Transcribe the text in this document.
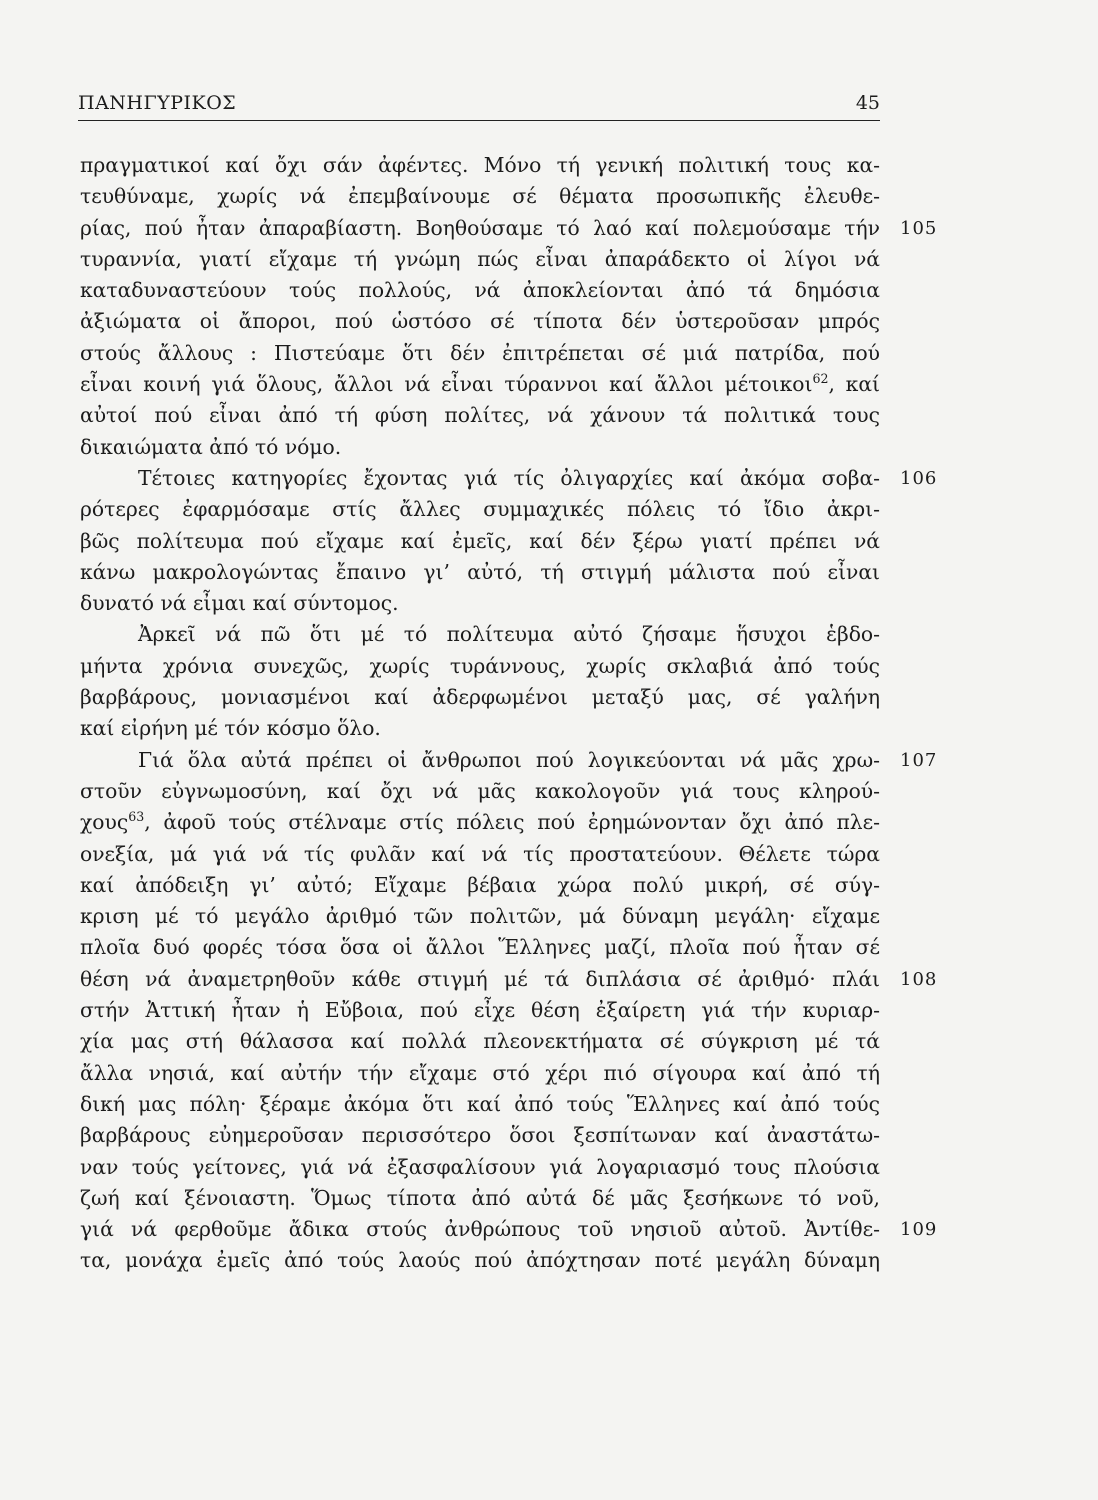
ΠΑΝΗΓΥΡΙΚΟΣ	45
πραγματικοί καί ὄχι σάν ἀφέντες. Μόνο τή γενική πολιτική τους κα-
τευθύναμε, χωρίς νά ἐπεμβαίνουμε σέ θέματα προσωπικῆς ἐλευθε-
ρίας, πού ἦταν ἀπαραβίαστη. Βοηθούσαμε τό λαό καί πολεμούσαμε τήν 105
τυραννία, γιατί εἴχαμε τή γνώμη πώς εἶναι ἀπαράδεκτο οἱ λίγοι νά
καταδυναστεύουν τούς πολλούς, νά ἀποκλείονται ἀπό τά δημόσια
ἀξιώματα οἱ ἄποροι, πού ὡστόσο σέ τίποτα δέν ὑστεροῦσαν μπρός
στούς ἄλλους : Πιστεύαμε ὅτι δέν ἐπιτρέπεται σέ μιά πατρίδα, πού
εἶναι κοινή γιά ὅλους, ἄλλοι νά εἶναι τύραννοι καί ἄλλοι μέτοικοι$^{62}$, καί
αὐτοί πού εἶναι ἀπό τή φύση πολίτες, νά χάνουν τά πολιτικά τους
δικαιώματα ἀπό τό νόμο.
Τέτοιες κατηγορίες ἔχοντας γιά τίς ὀλιγαρχίες καί ἀκόμα σοβα- 106
ρότερες ἐφαρμόσαμε στίς ἄλλες συμμαχικές πόλεις τό ἴδιο ἀκρι-
βῶς πολίτευμα πού εἴχαμε καί ἐμεῖς, καί δέν ξέρω γιατί πρέπει νά
κάνω μακρολογώντας ἔπαινο γι’ αὐτό, τή στιγμή μάλιστα πού εἶναι
δυνατό νά εἶμαι καί σύντομος.
Ἀρκεῖ νά πῶ ὅτι μέ τό πολίτευμα αὐτό ζήσαμε ἥσυχοι ἑβδο-
μήντα χρόνια συνεχῶς, χωρίς τυράννους, χωρίς σκλαβιά ἀπό τούς
βαρβάρους, μονιασμένοι καί ἀδερφωμένοι μεταξύ μας, σέ γαλήνη
καί εἰρήνη μέ τόν κόσμο ὅλο.
Γιά ὅλα αὐτά πρέπει οἱ ἄνθρωποι πού λογικεύονται νά μᾶς χρω- 107
στοῦν εὐγνωμοσύνη, καί ὄχι νά μᾶς κακολογοῦν γιά τους κληρού-
χους$^{63}$, ἀφοῦ τούς στέλναμε στίς πόλεις πού ἐρημώνονταν ὄχι ἀπό πλε-
ονεξία, μά γιά νά τίς φυλᾶν καί νά τίς προστατεύουν. Θέλετε τώρα
καί ἀπόδειξη γι’ αὐτό; Εἴχαμε βέβαια χώρα πολύ μικρή, σέ σύγ-
κριση μέ τό μεγάλο ἀριθμό τῶν πολιτῶν, μά δύναμη μεγάλη· εἴχαμε
πλοῖα δυό φορές τόσα ὅσα οἱ ἄλλοι Ἕλληνες μαζί, πλοῖα πού ἦταν σέ
θέση νά ἀναμετρηθοῦν κάθε στιγμή μέ τά διπλάσια σέ ἀριθμό· πλάι 108
στήν Ἀττική ἦταν ἡ Εὔβοια, πού εἶχε θέση ἐξαίρετη γιά τήν κυριαρ-
χία μας στή θάλασσα καί πολλά πλεονεκτήματα σέ σύγκριση μέ τά
ἄλλα νησιά, καί αὐτήν τήν εἴχαμε στό χέρι πιό σίγουρα καί ἀπό τή
δική μας πόλη· ξέραμε ἀκόμα ὅτι καί ἀπό τούς Ἕλληνες καί ἀπό τούς
βαρβάρους εὐημεροῦσαν περισσότερο ὅσοι ξεσπίτωναν καί ἀναστάτω-
ναν τούς γείτονες, γιά νά ἐξασφαλίσουν γιά λογαριασμό τους πλούσια
ζωή καί ξένοιαστη. Ὅμως τίποτα ἀπό αὐτά δέ μᾶς ξεσήκωνε τό νοῦ,
γιά νά φερθοῦμε ἄδικα στούς ἀνθρώπους τοῦ νησιοῦ αὐτοῦ. Ἀντίθε- 109
τα, μονάχα ἐμεῖς ἀπό τούς λαούς πού ἀπόχτησαν ποτέ μεγάλη δύναμη
